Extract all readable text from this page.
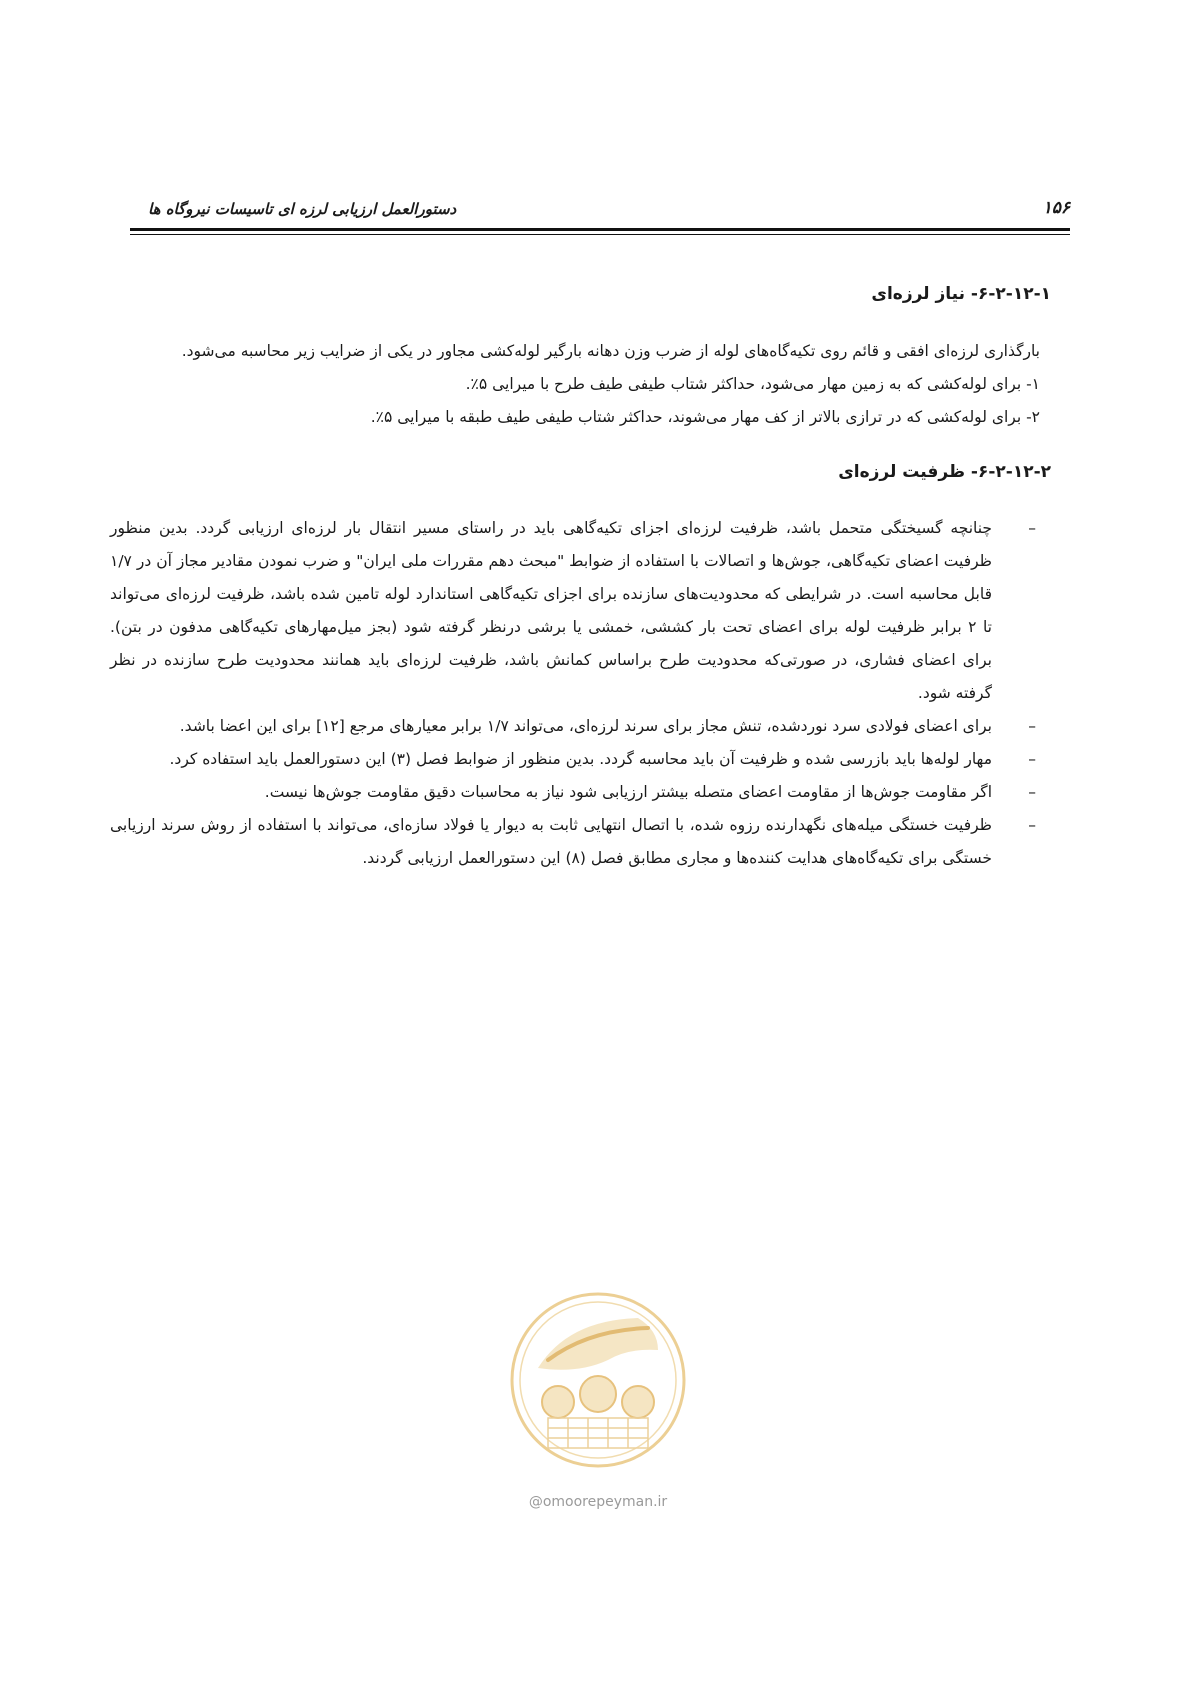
۱۵۶
دستورالعمل ارزیابی لرزه ای تاسیسات نیروگاه ها
۶-۲-۱۲-۱- نیاز لرزه‌ای

بارگذاری لرزه‌ای افقی و قائم روی تکیه‌گاه‌های لوله از ضرب وزن دهانه بارگیر لوله‌کشی مجاور در یکی از ضرایب زیر محاسبه می‌شود.

۱- برای لوله‌کشی که به زمین مهار می‌شود، حداکثر شتاب طیفی طیف طرح با میرایی ۵٪.

۲- برای لوله‌کشی که در ترازی بالاتر از کف مهار می‌شوند، حداکثر شتاب طیفی طیف طبقه با میرایی ۵٪.

۶-۲-۱۲-۲- ظرفیت لرزه‌ای
–
چنانچه گسیختگی متحمل باشد، ظرفیت لرزه‌ای اجزای تکیه‌گاهی باید در راستای مسیر انتقال بار لرزه‌ای ارزیابی گردد. بدین منظور ظرفیت اعضای تکیه‌گاهی، جوش‌ها و اتصالات با استفاده از ضوابط "مبحث دهم مقررات ملی ایران" و ضرب نمودن مقادیر مجاز آن در ۱/۷ قابل محاسبه است. در شرایطی که محدودیت‌های سازنده برای اجزای تکیه‌گاهی استاندارد لوله تامین شده باشد، ظرفیت لرزه‌ای می‌تواند تا ۲ برابر ظرفیت لوله برای اعضای تحت بار کششی، خمشی یا برشی درنظر گرفته شود (بجز میل‌مهارهای تکیه‌گاهی مدفون در بتن). برای اعضای فشاری، در صورتی‌که محدودیت طرح براساس کمانش باشد، ظرفیت لرزه‌ای باید همانند محدودیت طرح سازنده در نظر گرفته شود.
–
برای اعضای فولادی سرد نوردشده، تنش مجاز برای سرند لرزه‌ای، می‌تواند ۱/۷ برابر معیارهای مرجع [۱۲] برای این اعضا باشد.
–
مهار لوله‌ها باید بازرسی شده و ظرفیت آن باید محاسبه گردد. بدین منظور از ضوابط فصل (۳) این دستورالعمل باید استفاده کرد.
–
اگر مقاومت جوش‌ها از مقاومت اعضای متصله بیشتر ارزیابی شود نیاز به محاسبات دقیق مقاومت جوش‌ها نیست.
–
ظرفیت خستگی میله‌های نگهدارنده رزوه شده، با اتصال انتهایی ثابت به دیوار یا فولاد سازه‌ای، می‌تواند با استفاده از روش سرند ارزیابی خستگی برای تکیه‌گاه‌های هدایت کننده‌ها و مجاری مطابق فصل (۸) این دستورالعمل ارزیابی گردند.
@omoorepeyman.ir
